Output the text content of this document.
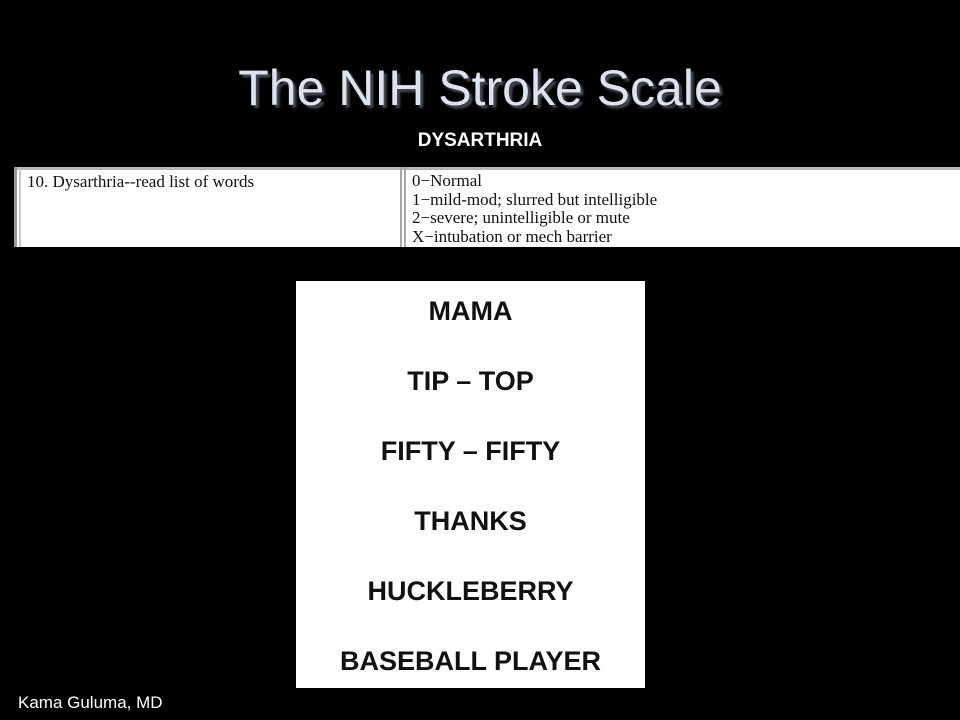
The NIH Stroke Scale
DYSARTHRIA
10. Dysarthria--read list of words	0−Normal
1−mild-mod; slurred but intelligible
2−severe; unintelligible or mute
X−intubation or mech barrier
MAMA
TIP – TOP
FIFTY – FIFTY
THANKS
HUCKLEBERRY
BASEBALL PLAYER
Kama Guluma, MD
